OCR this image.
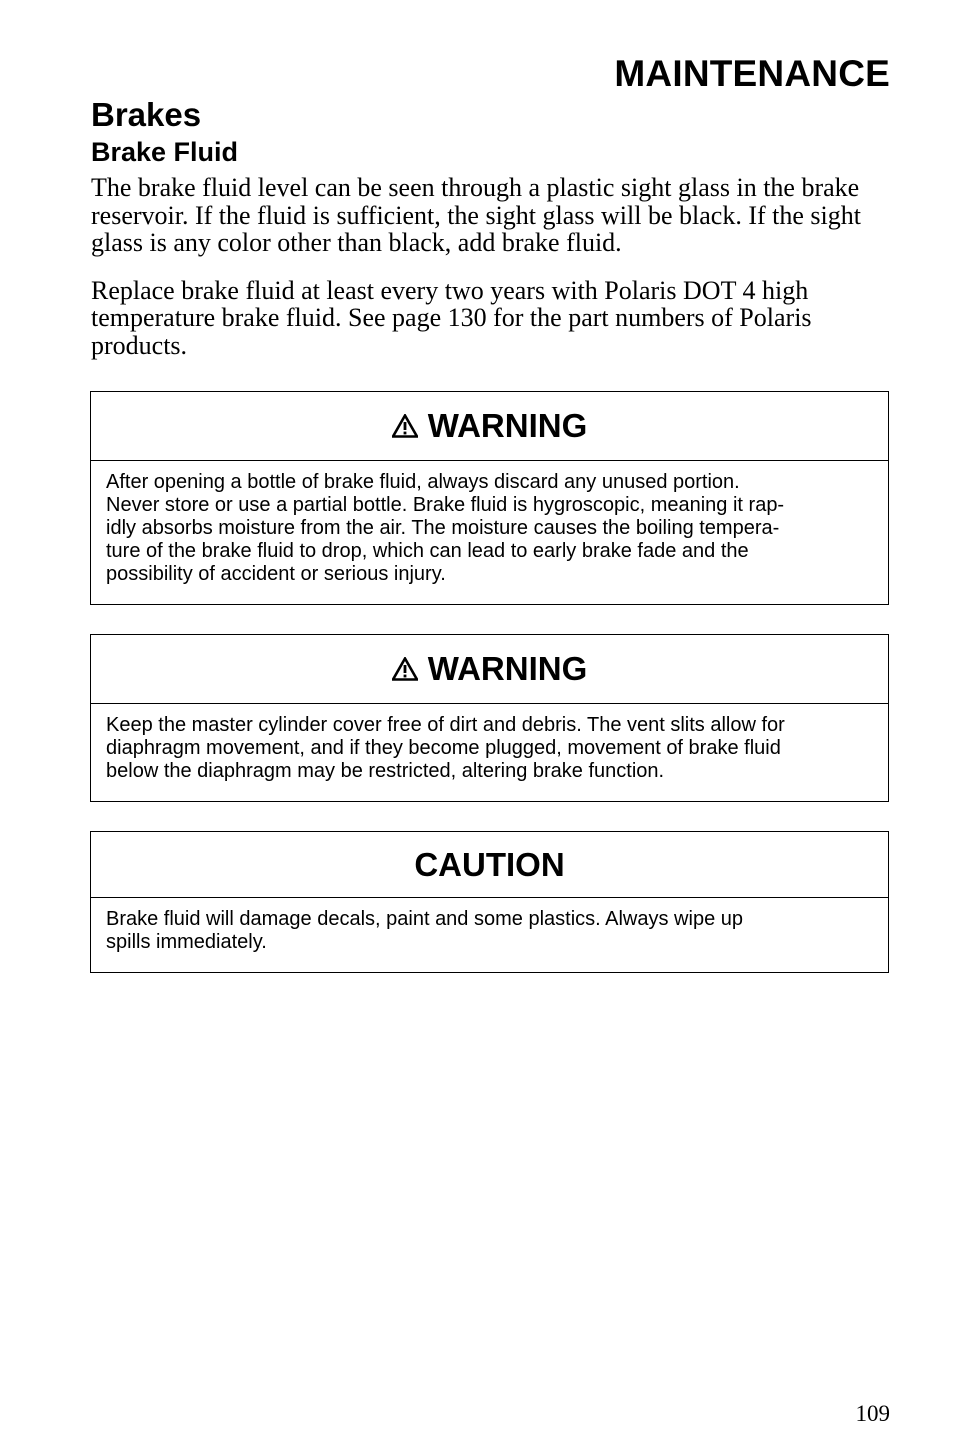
MAINTENANCE
Brakes
Brake Fluid

The brake fluid level can be seen through a plastic sight glass in the brake reservoir. If the fluid is sufficient, the sight glass will be black. If the sight glass is any color other than black, add brake fluid.

Replace brake fluid at least every two years with Polaris DOT 4 high temperature brake fluid. See page 130 for the part numbers of Polaris products.

WARNING
After opening a bottle of brake fluid, always discard any unused portion.
Never store or use a partial bottle. Brake fluid is hygroscopic, meaning it rap-
idly absorbs moisture from the air. The moisture causes the boiling tempera-
ture of the brake fluid to drop, which can lead to early brake fade and the
possibility of accident or serious injury.
WARNING
Keep the master cylinder cover free of dirt and debris. The vent slits allow for
diaphragm movement, and if they become plugged, movement of brake fluid
below the diaphragm may be restricted, altering brake function.
CAUTION
Brake fluid will damage decals, paint and some plastics. Always wipe up
spills immediately.
109
